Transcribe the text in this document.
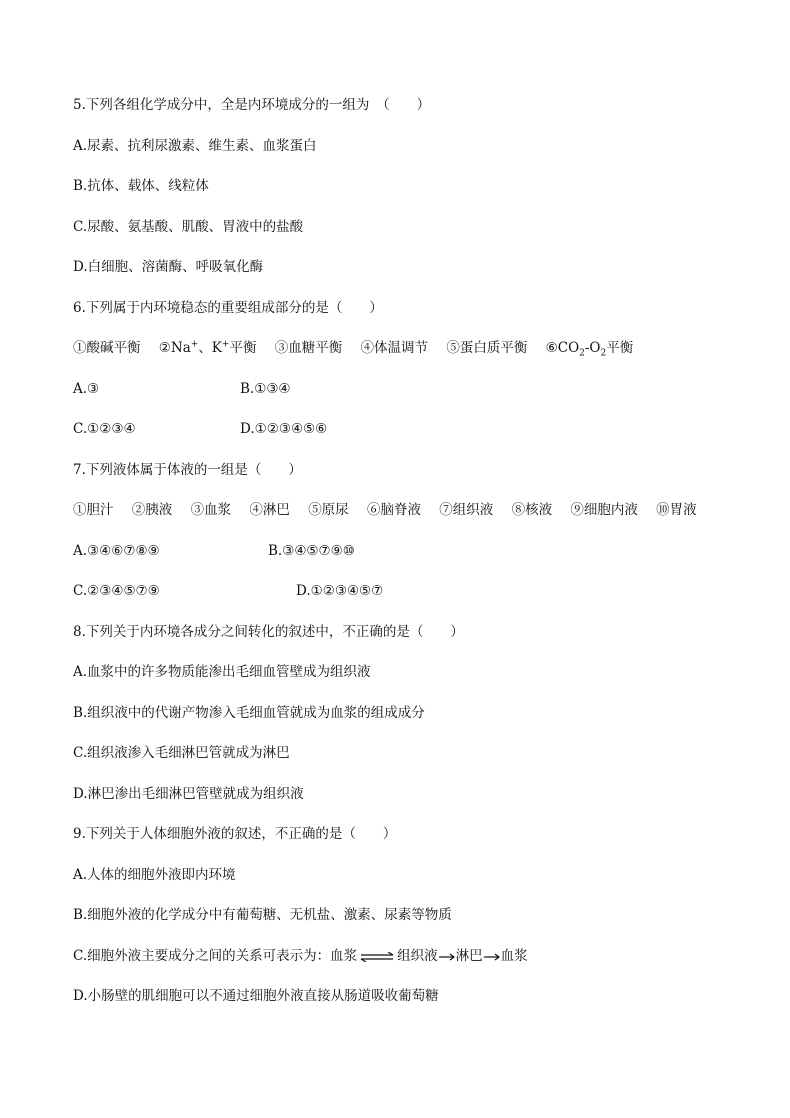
5.下列各组化学成分中，全是内环境成分的一组为　（　　）
A.尿素、抗利尿激素、维生素、血浆蛋白
B.抗体、载体、线粒体
C.尿酸、氨基酸、肌酸、胃液中的盐酸
D.白细胞、溶菌酶、呼吸氧化酶
6.下列属于内环境稳态的重要组成部分的是（　　）
①酸碱平衡 ②Na+、K+平衡 ③血糖平衡 ④体温调节 ⑤蛋白质平衡 $⑥CO_2-O_2$平衡
A.③	B.①③④
C.①②③④	D.①②③④⑤⑥
7.下列液体属于体液的一组是（　　）
①胆汁 ②胰液 ③血浆 ④淋巴 ⑤原尿 ⑥脑脊液 ⑦组织液 ⑧核液 ⑨细胞内液 ⑩胃液
A.③④⑥⑦⑧⑨	B.③④⑤⑦⑨⑩
C.②③④⑤⑦⑨	D.①②③④⑤⑦
8.下列关于内环境各成分之间转化的叙述中，不正确的是（　　）
A.血浆中的许多物质能渗出毛细血管壁成为组织液
B.组织液中的代谢产物渗入毛细血管就成为血浆的组成成分
C.组织液渗入毛细淋巴管就成为淋巴
D.淋巴渗出毛细淋巴管壁就成为组织液
9.下列关于人体细胞外液的叙述，不正确的是（　　）
A.人体的细胞外液即内环境
B.细胞外液的化学成分中有葡萄糖、无机盐、激素、尿素等物质
C.细胞外液主要成分之间的关系可表示为：血浆	组织液 淋巴 血浆
D.小肠壁的肌细胞可以不通过细胞外液直接从肠道吸收葡萄糖
